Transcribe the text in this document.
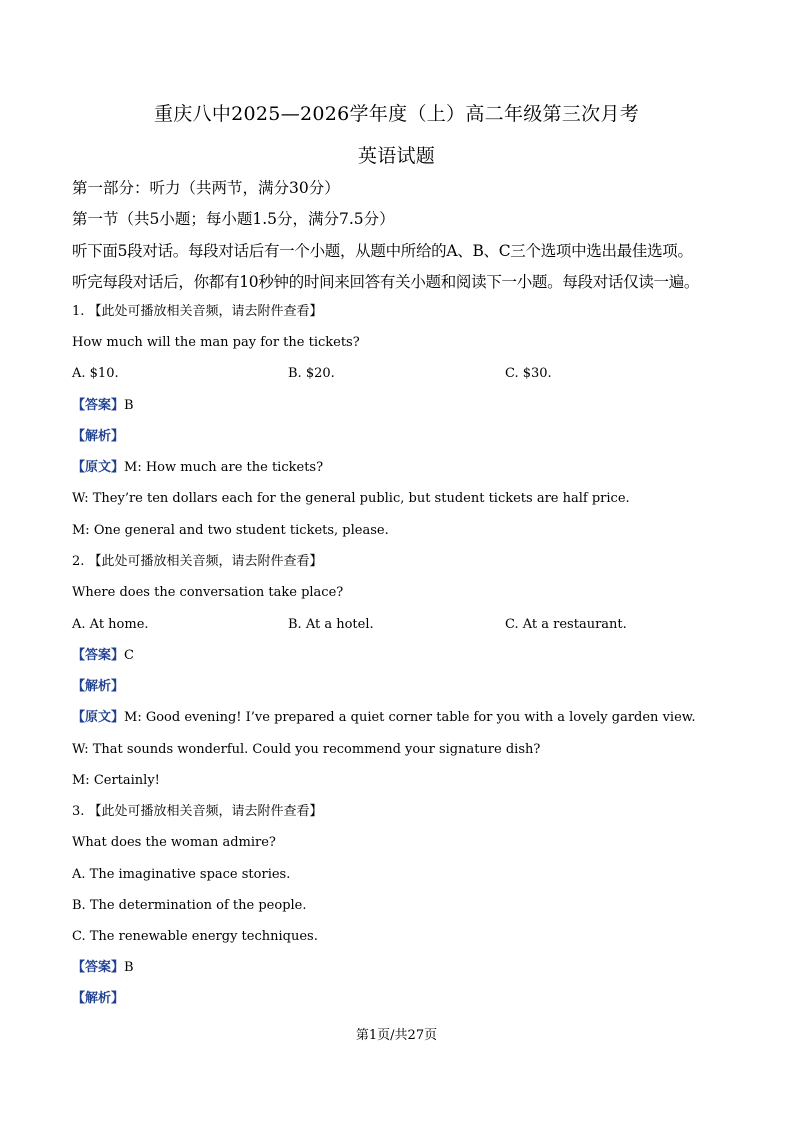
重庆八中2025—2026学年度（上）高二年级第三次月考
英语试题
第一部分：听力（共两节，满分30分）
第一节（共5小题；每小题1.5分，满分7.5分）
听下面5段对话。每段对话后有一个小题，从题中所给的A、B、C三个选项中选出最佳选项。
听完每段对话后，你都有10秒钟的时间来回答有关小题和阅读下一小题。每段对话仅读一遍。
1. 【此处可播放相关音频，请去附件查看】
How much will the man pay for the tickets?
A. $10.	B. $20.	C. $30.
【答案】B
【解析】
【原文】M: How much are the tickets?
W: They’re ten dollars each for the general public, but student tickets are half price.
M: One general and two student tickets, please.
2. 【此处可播放相关音频，请去附件查看】
Where does the conversation take place?
A. At home.	B. At a hotel.	C. At a restaurant.
【答案】C
【解析】
【原文】M: Good evening! I’ve prepared a quiet corner table for you with a lovely garden view.
W: That sounds wonderful. Could you recommend your signature dish?
M: Certainly!
3. 【此处可播放相关音频，请去附件查看】
What does the woman admire?
A. The imaginative space stories.
B. The determination of the people.
C. The renewable energy techniques.
【答案】B
【解析】
第1页/共27页
